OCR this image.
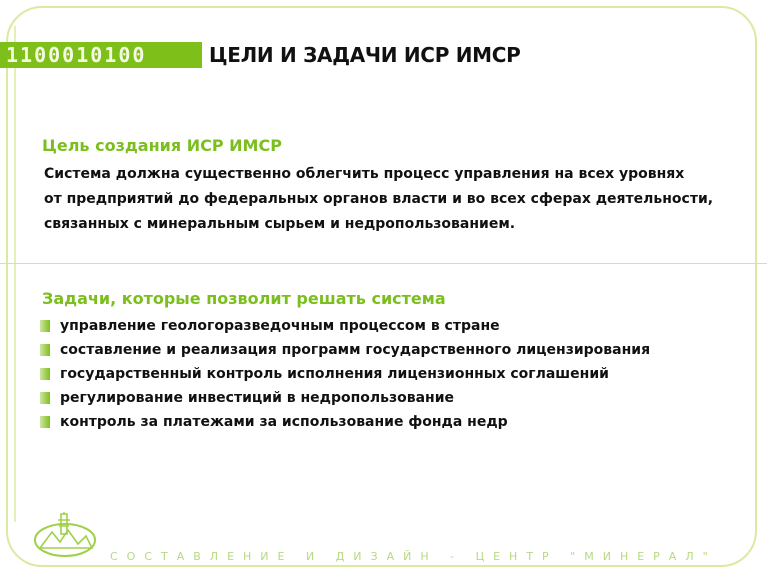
1100010100	ЦЕЛИ И ЗАДАЧИ ИСР ИМСР
Цель создания ИСР ИМСР
Система должна существенно облегчить процесс управления на всех уровнях
от предприятий до федеральных органов власти и во всех сферах деятельности,
связанных с минеральным сырьем и недропользованием.
Задачи, которые позволит решать система
управление геологоразведочным процессом в стране
составление и реализация программ государственного лицензирования
государственный контроль исполнения лицензионных соглашений
регулирование инвестиций в недропользование
контроль за платежами за использование фонда недр
СОСТАВЛЕНИЕ И ДИЗАЙН - ЦЕНТР "МИНЕРАЛ"
